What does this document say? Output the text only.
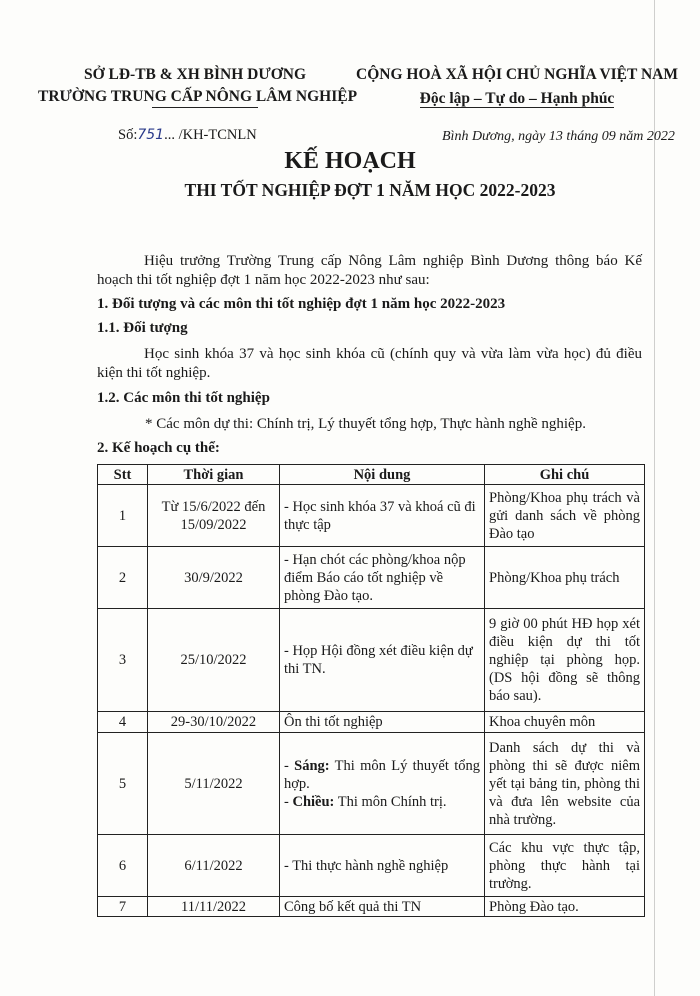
SỞ LĐ-TB & XH BÌNH DƯƠNG
TRƯỜNG TRUNG CẤP NÔNG LÂM NGHIỆP
CỘNG HOÀ XÃ HỘI CHỦ NGHĨA VIỆT NAM
Độc lập – Tự do – Hạnh phúc
Số:751... /KH-TCNLN	Bình Dương, ngày 13 tháng 09 năm 2022
KẾ HOẠCH
THI TỐT NGHIỆP ĐỢT 1 NĂM HỌC 2022-2023
Hiệu trưởng Trường Trung cấp Nông Lâm nghiệp Bình Dương thông báo Kế hoạch thi tốt nghiệp đợt 1 năm học 2022-2023 như sau:
1. Đối tượng và các môn thi tốt nghiệp đợt 1 năm học 2022-2023
1.1. Đối tượng
Học sinh khóa 37 và học sinh khóa cũ (chính quy và vừa làm vừa học) đủ điều kiện thi tốt nghiệp.
1.2. Các môn thi tốt nghiệp
* Các môn dự thi: Chính trị, Lý thuyết tổng hợp, Thực hành nghề nghiệp.
2. Kế hoạch cụ thể:
Stt	Thời gian	Nội dung	Ghi chú
1	Từ 15/6/2022 đến 15/09/2022	- Học sinh khóa 37 và khoá cũ đi thực tập	Phòng/Khoa phụ trách và gửi danh sách về phòng Đào tạo
2	30/9/2022	- Hạn chót các phòng/khoa nộp điểm Báo cáo tốt nghiệp về phòng Đào tạo.	Phòng/Khoa phụ trách
3	25/10/2022	- Họp Hội đồng xét điều kiện dự thi TN.	9 giờ 00 phút HĐ họp xét điều kiện dự thi tốt nghiệp tại phòng họp. (DS hội đồng sẽ thông báo sau).
4	29-30/10/2022	Ôn thi tốt nghiệp	Khoa chuyên môn
5	5/11/2022	- Sáng: Thi môn Lý thuyết tổng hợp.
- Chiều: Thi môn Chính trị.	Danh sách dự thi và phòng thi sẽ được niêm yết tại bảng tin, phòng thi và đưa lên website của nhà trường.
6	6/11/2022	- Thi thực hành nghề nghiệp	Các khu vực thực tập, phòng thực hành tại trường.
7	11/11/2022	Công bố kết quả thi TN	Phòng Đào tạo.
